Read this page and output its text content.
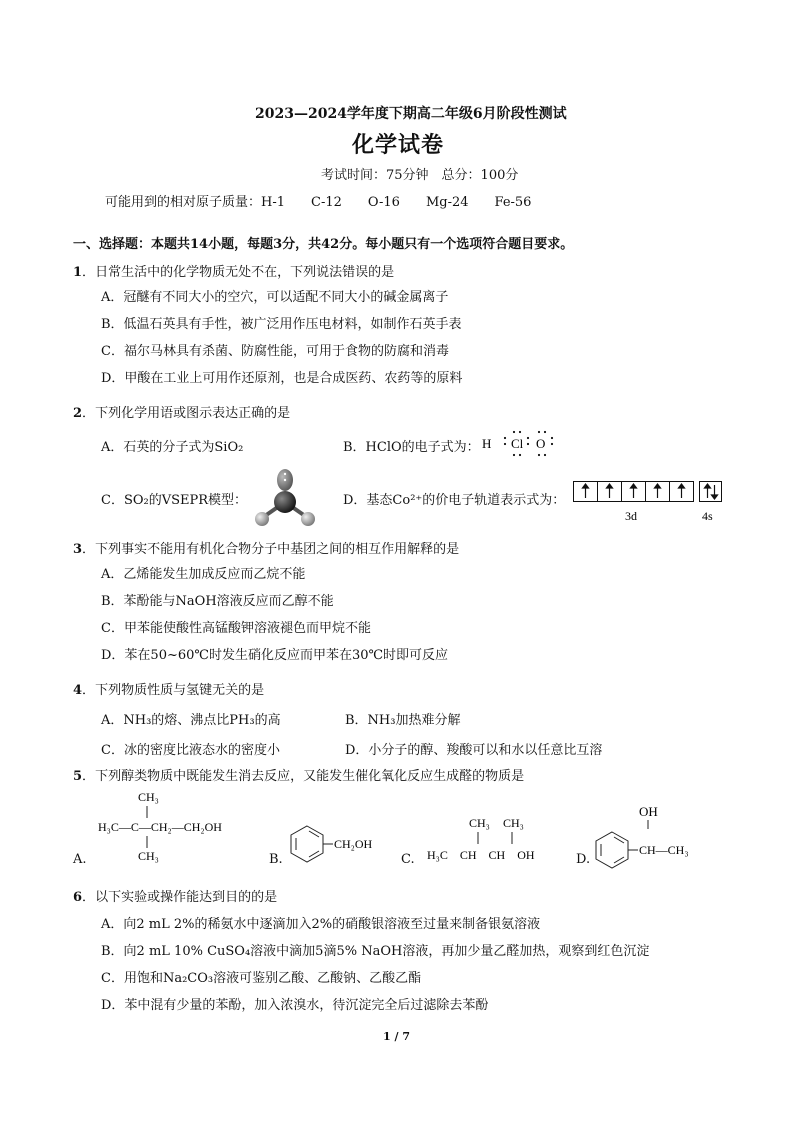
2023—2024学年度下期高二年级6月阶段性测试
化学试卷
考试时间：75分钟　总分：100分
可能用到的相对原子质量：H-1　　C-12　　O-16　　Mg-24　　Fe-56
一、选择题：本题共14小题，每题3分，共42分。每小题只有一个选项符合题目要求。
1．日常生活中的化学物质无处不在，下列说法错误的是
A．冠醚有不同大小的空穴，可以适配不同大小的碱金属离子
B．低温石英具有手性，被广泛用作压电材料，如制作石英手表
C．福尔马林具有杀菌、防腐性能，可用于食物的防腐和消毒
D．甲酸在工业上可用作还原剂，也是合成医药、农药等的原料
2．下列化学用语或图示表达正确的是
A．石英的分子式为SiO₂	B．HClO的电子式为： H Cl O
C．SO₂的VSEPR模型：	D．基态Co²⁺的价电子轨道表示式为：
3d	4s
3．下列事实不能用有机化合物分子中基团之间的相互作用解释的是
A．乙烯能发生加成反应而乙烷不能
B．苯酚能与NaOH溶液反应而乙醇不能
C．甲苯能使酸性高锰酸钾溶液褪色而甲烷不能
D．苯在50~60℃时发生硝化反应而甲苯在30℃时即可反应
4．下列物质性质与氢键无关的是
A．NH₃的熔、沸点比PH₃的高	B．NH₃加热难分解
C．冰的密度比液态水的密度小	D．小分子的醇、羧酸可以和水以任意比互溶
5．下列醇类物质中既能发生消去反应，又能发生催化氧化反应生成醛的物质是
A.
CH₃
H₃C—C—CH₂—CH₂OH
CH₃	B.
CH₂OH
C.
CH₃ CH₃
H₃C　CH　CH　OH	D.
CH—CH₃
OH
6．以下实验或操作能达到目的的是
A．向2 mL 2%的稀氨水中逐滴加入2%的硝酸银溶液至过量来制备银氨溶液
B．向2 mL 10% CuSO₄溶液中滴加5滴5% NaOH溶液，再加少量乙醛加热，观察到红色沉淀
C．用饱和Na₂CO₃溶液可鉴别乙酸、乙酸钠、乙酸乙酯
D．苯中混有少量的苯酚，加入浓溴水，待沉淀完全后过滤除去苯酚
1 / 7
